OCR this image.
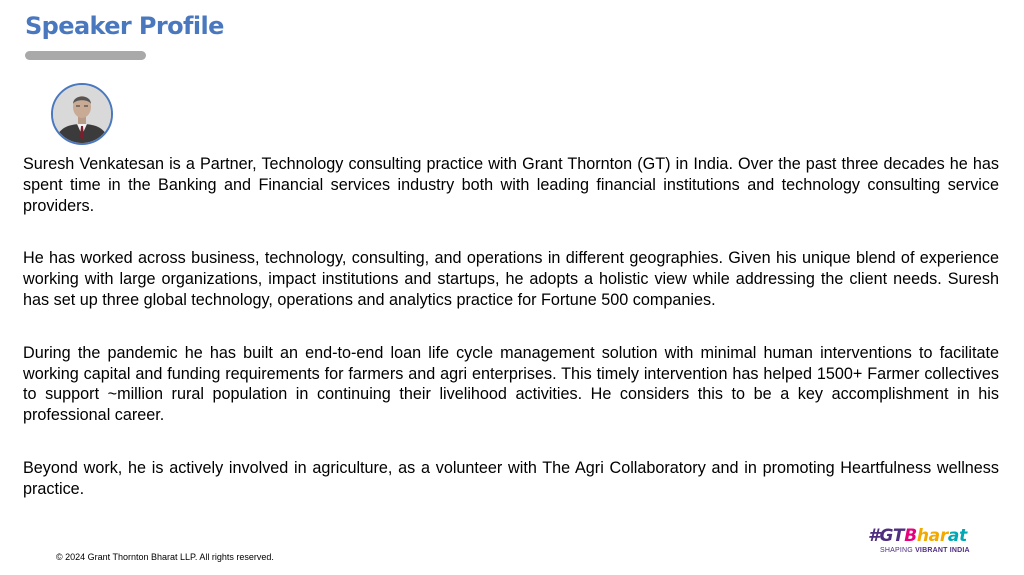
Speaker Profile

Suresh Venkatesan is a Partner, Technology consulting practice with Grant Thornton (GT) in India. Over the past three decades he has spent time in the Banking and Financial services industry both with leading financial institutions and technology consulting service providers.

He has worked across business, technology, consulting, and operations in different geographies. Given his unique blend of experience working with large organizations, impact institutions and startups, he adopts a holistic view while addressing the client needs. Suresh has set up three global technology, operations and analytics practice for Fortune 500 companies.

During the pandemic he has built an end-to-end loan life cycle management solution with minimal human interventions to facilitate working capital and funding requirements for farmers and agri enterprises. This timely intervention has helped 1500+ Farmer collectives to support ~million rural population in continuing their livelihood activities. He considers this to be a key accomplishment in his professional career.

Beyond work, he is actively involved in agriculture, as a volunteer with The Agri Collaboratory and in promoting Heartfulness wellness practice.

© 2024 Grant Thornton Bharat LLP. All rights reserved.
#GTBharat
SHAPING VIBRANT INDIA
